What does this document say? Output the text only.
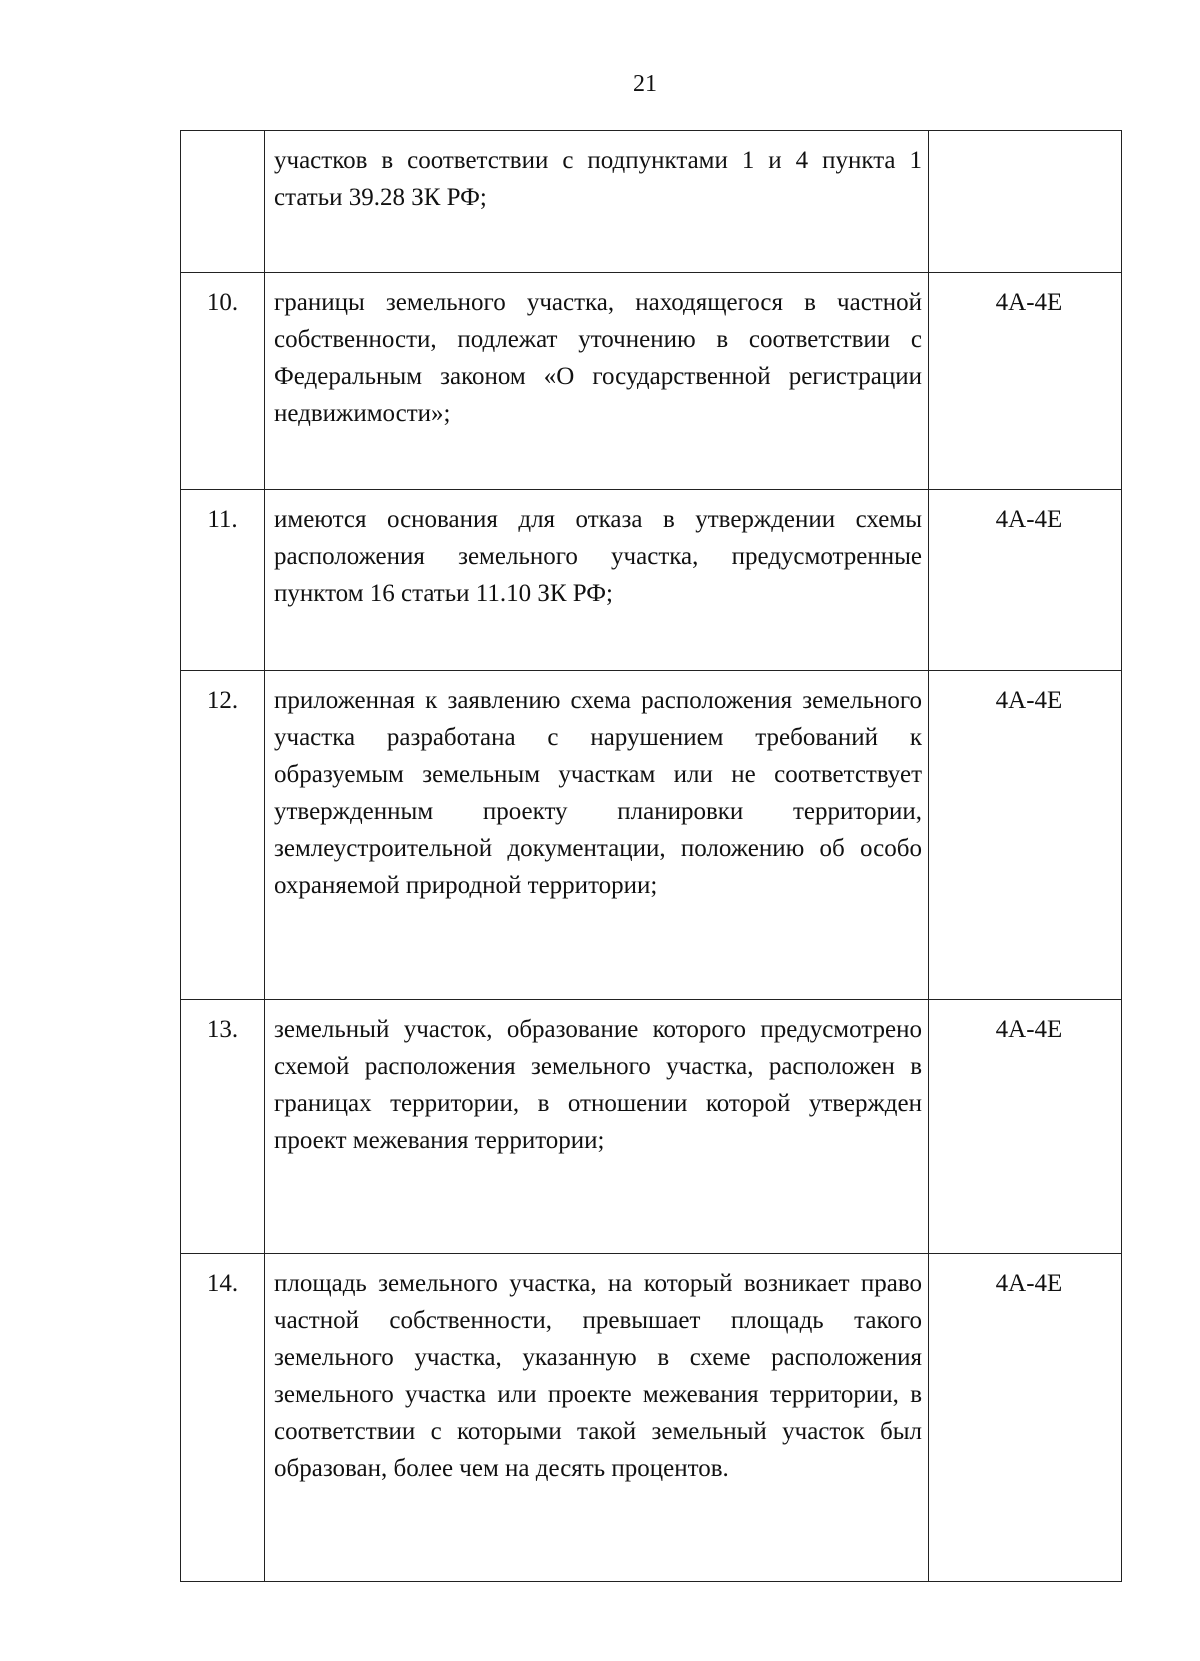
21
	участков в соответствии с подпунктами 1 и 4 пункта 1 статьи 39.28 ЗК РФ;	
10.	границы земельного участка, находящегося в частной собственности, подлежат уточнению в соответствии с Федеральным законом «О государственной регистрации недвижимости»;	4А-4Е
11.	имеются основания для отказа в утверждении схемы расположения земельного участка, предусмотренные пунктом 16 статьи 11.10 ЗК РФ;	4А-4Е
12.	приложенная к заявлению схема расположения земельного участка разработана с нарушением требований к образуемым земельным участкам или не соответствует утвержденным проекту планировки территории, землеустроительной документации, положению об особо охраняемой природной территории;	4А-4Е
13.	земельный участок, образование которого предусмотрено схемой расположения земельного участка, расположен в границах территории, в отношении которой утвержден проект межевания территории;	4А-4Е
14.	площадь земельного участка, на который возникает право частной собственности, превышает площадь такого земельного участка, указанную в схеме расположения земельного участка или проекте межевания территории, в соответствии с которыми такой земельный участок был образован, более чем на десять процентов.	4А-4Е
